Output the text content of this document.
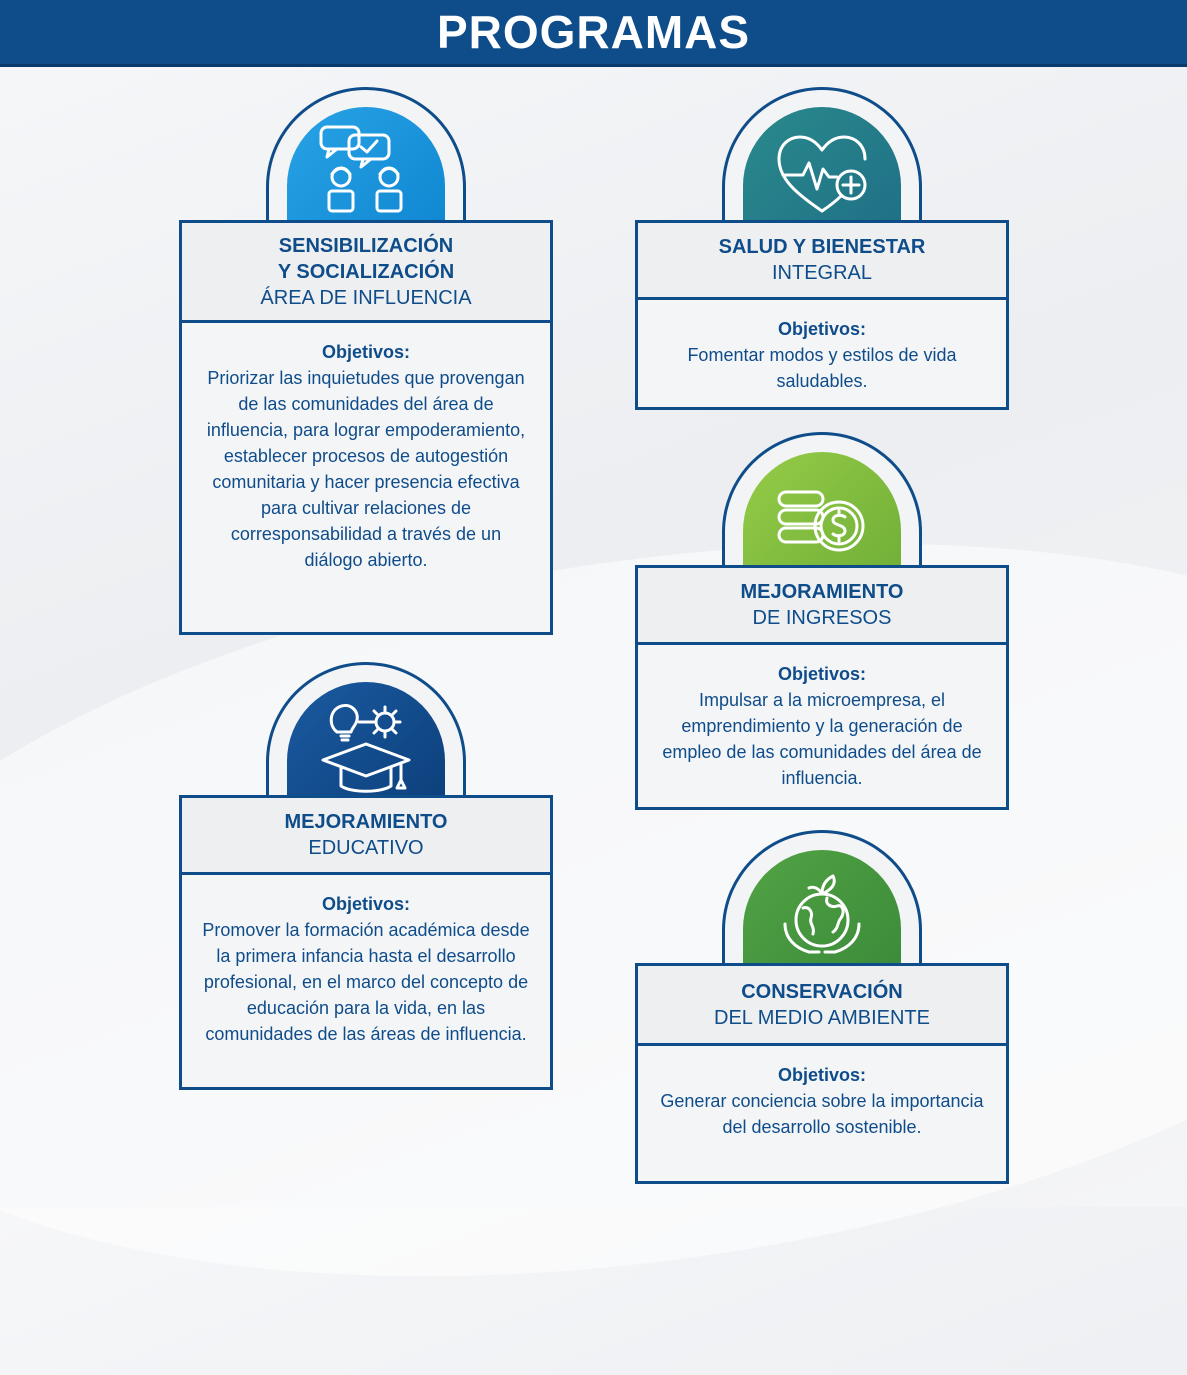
PROGRAMAS
SENSIBILIZACIÓN
Y SOCIALIZACIÓN
ÁREA DE INFLUENCIA
Objetivos:
Priorizar las inquietudes que provengan de las comunidades del área de influencia, para lograr empoderamiento, establecer procesos de autogestión comunitaria y hacer presencia efectiva para cultivar relaciones de corresponsabilidad a través de un diálogo abierto.
SALUD Y BIENESTAR
INTEGRAL
Objetivos:
Fomentar modos y estilos de vida saludables.
MEJORAMIENTO
DE INGRESOS
Objetivos:
Impulsar a la microempresa, el emprendimiento y la generación de empleo de las comunidades del área de influencia.
MEJORAMIENTO
EDUCATIVO
Objetivos:
Promover la formación académica desde la primera infancia hasta el desarrollo profesional, en el marco del concepto de educación para la vida, en las comunidades de las áreas de influencia.
CONSERVACIÓN
DEL MEDIO AMBIENTE
Objetivos:
Generar conciencia sobre la importancia del desarrollo sostenible.
